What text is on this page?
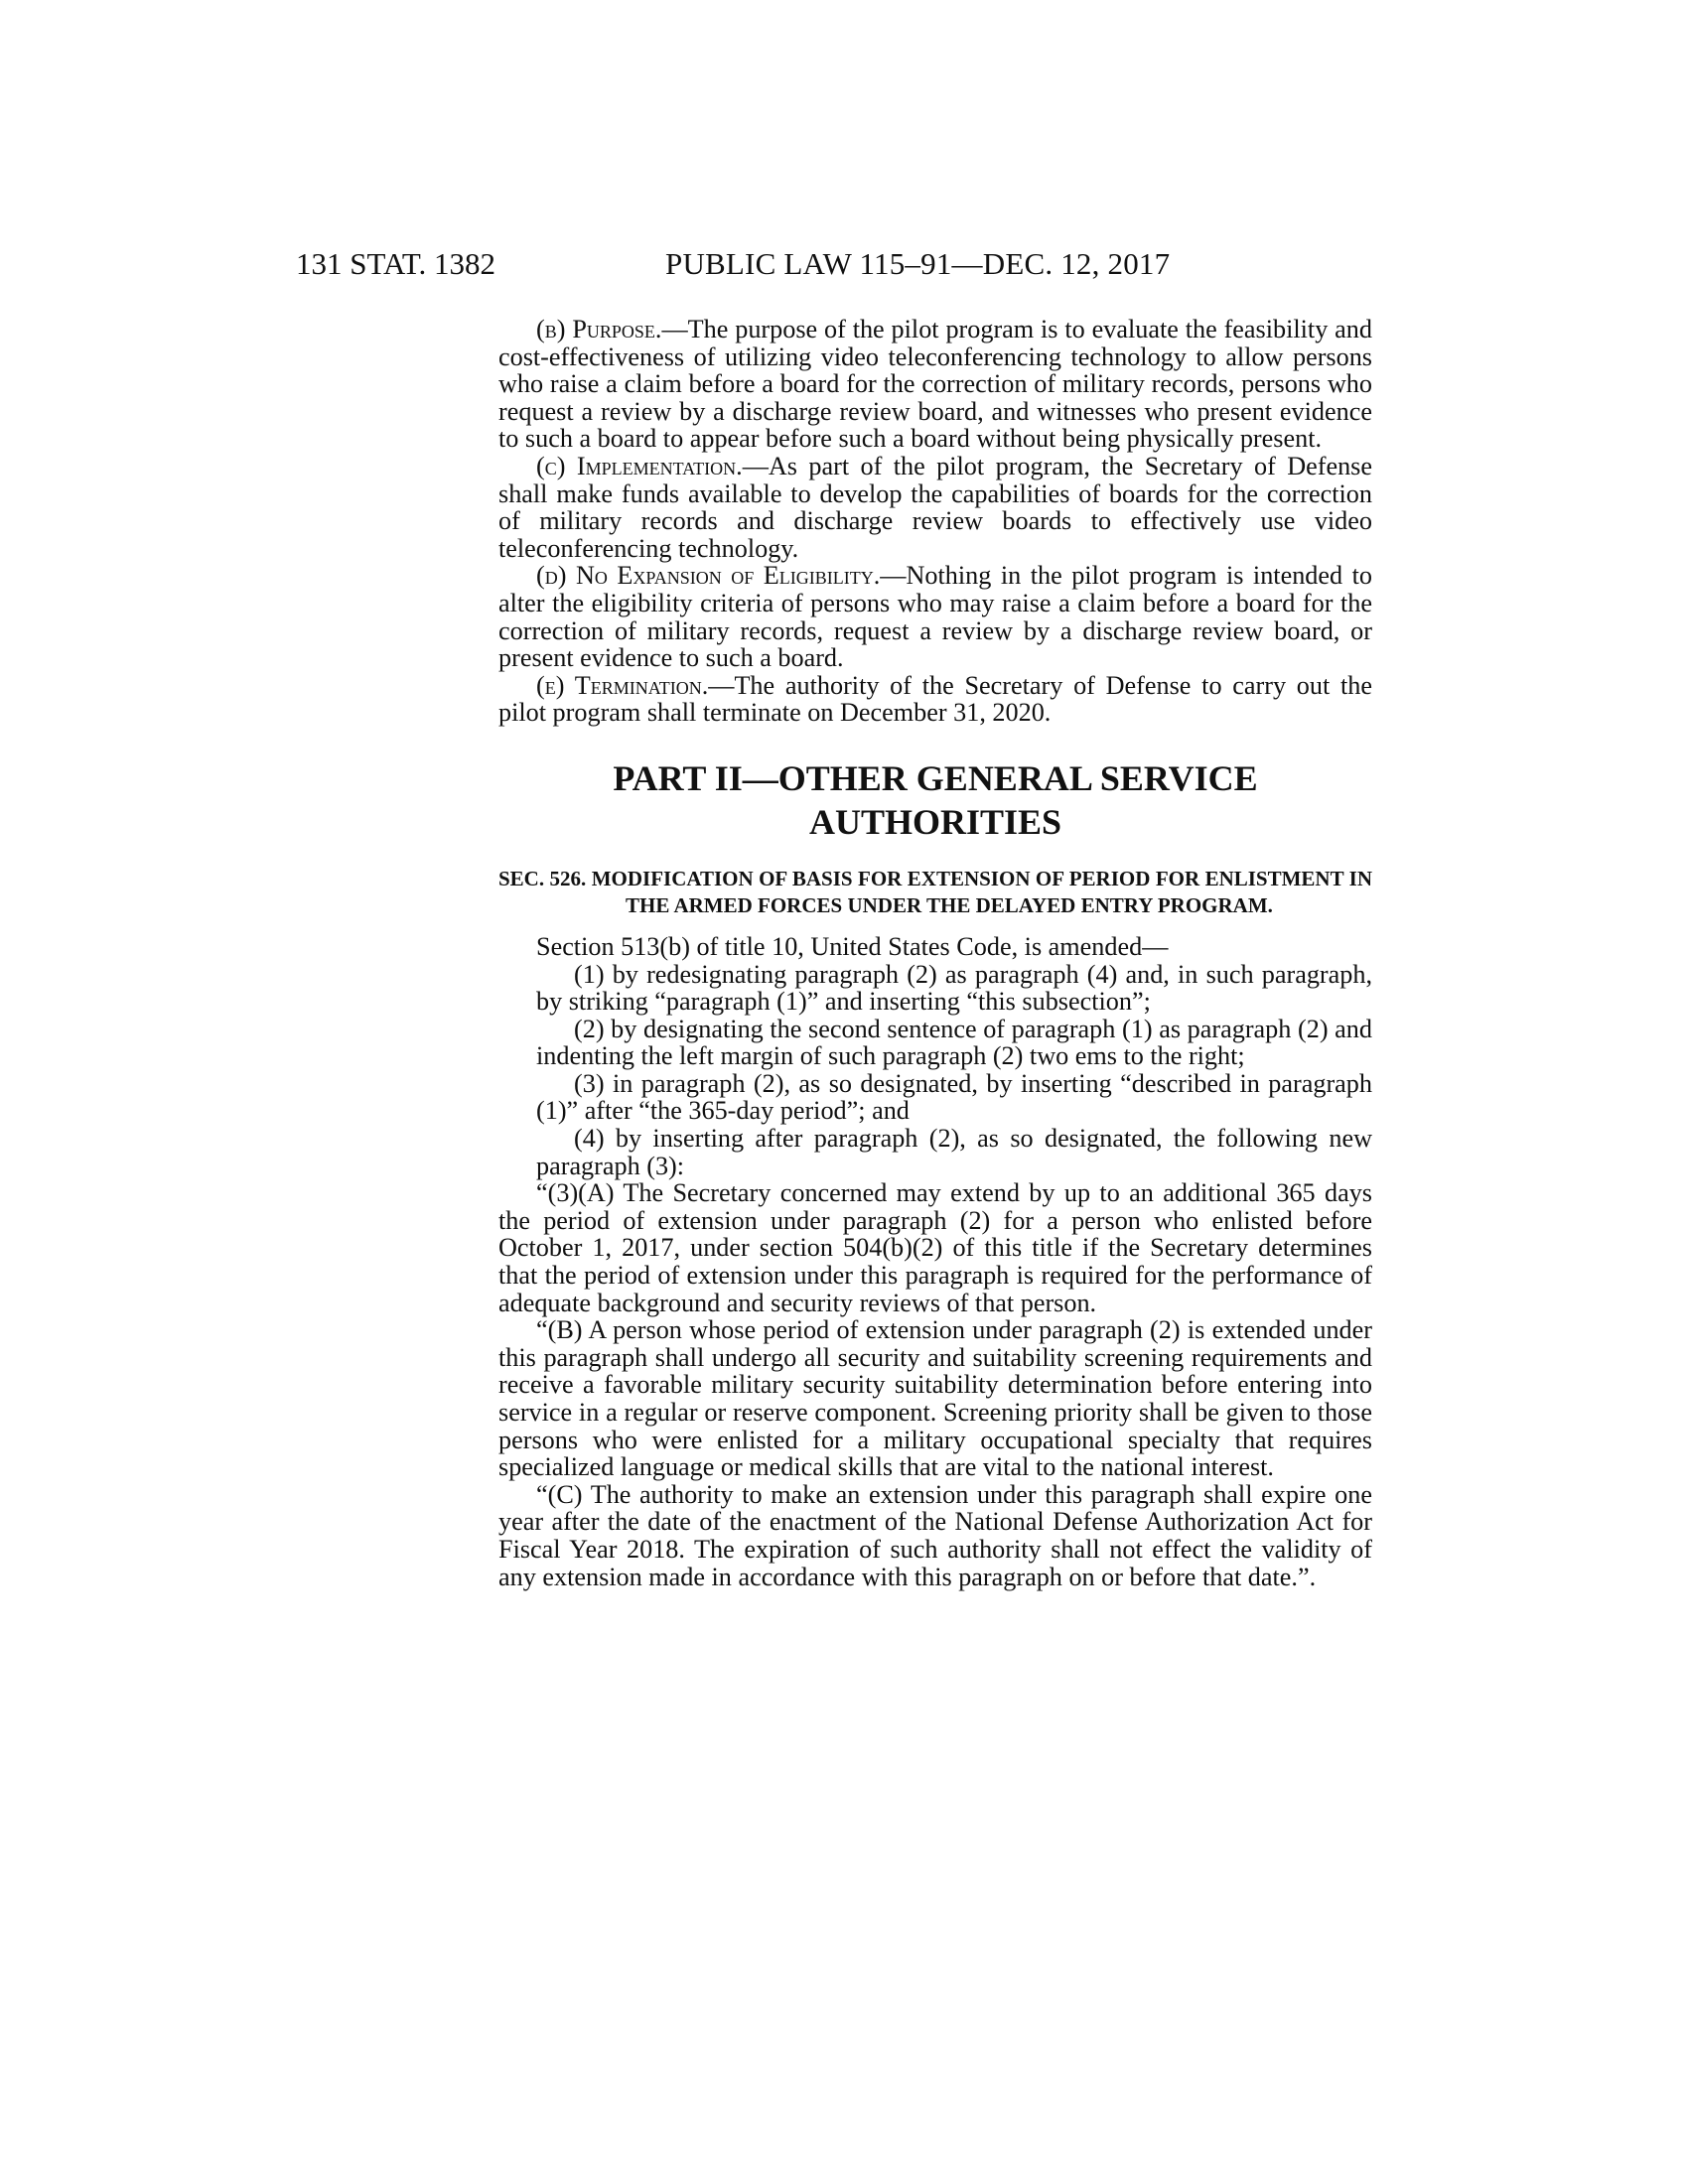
131 STAT. 1382	PUBLIC LAW 115–91—DEC. 12, 2017

(b) Purpose.—The purpose of the pilot program is to evaluate the feasibility and cost-effectiveness of utilizing video teleconferencing technology to allow persons who raise a claim before a board for the correction of military records, persons who request a review by a discharge review board, and witnesses who present evidence to such a board to appear before such a board without being physically present.

(c) Implementation.—As part of the pilot program, the Secretary of Defense shall make funds available to develop the capabilities of boards for the correction of military records and discharge review boards to effectively use video teleconferencing technology.

(d) No Expansion of Eligibility.—Nothing in the pilot program is intended to alter the eligibility criteria of persons who may raise a claim before a board for the correction of military records, request a review by a discharge review board, or present evidence to such a board.

(e) Termination.—The authority of the Secretary of Defense to carry out the pilot program shall terminate on December 31, 2020.

PART II—OTHER GENERAL SERVICE AUTHORITIES
SEC. 526. MODIFICATION OF BASIS FOR EXTENSION OF PERIOD FOR ENLISTMENT IN THE ARMED FORCES UNDER THE DELAYED ENTRY PROGRAM.

Section 513(b) of title 10, United States Code, is amended—

(1) by redesignating paragraph (2) as paragraph (4) and, in such paragraph, by striking “paragraph (1)” and inserting “this subsection”;

(2) by designating the second sentence of paragraph (1) as paragraph (2) and indenting the left margin of such paragraph (2) two ems to the right;

(3) in paragraph (2), as so designated, by inserting “described in paragraph (1)” after “the 365-day period”; and

(4) by inserting after paragraph (2), as so designated, the following new paragraph (3):

“(3)(A) The Secretary concerned may extend by up to an additional 365 days the period of extension under paragraph (2) for a person who enlisted before October 1, 2017, under section 504(b)(2) of this title if the Secretary determines that the period of extension under this paragraph is required for the performance of adequate background and security reviews of that person.

“(B) A person whose period of extension under paragraph (2) is extended under this paragraph shall undergo all security and suitability screening requirements and receive a favorable military security suitability determination before entering into service in a regular or reserve component. Screening priority shall be given to those persons who were enlisted for a military occupational specialty that requires specialized language or medical skills that are vital to the national interest.

“(C) The authority to make an extension under this paragraph shall expire one year after the date of the enactment of the National Defense Authorization Act for Fiscal Year 2018. The expiration of such authority shall not effect the validity of any extension made in accordance with this paragraph on or before that date.”.
